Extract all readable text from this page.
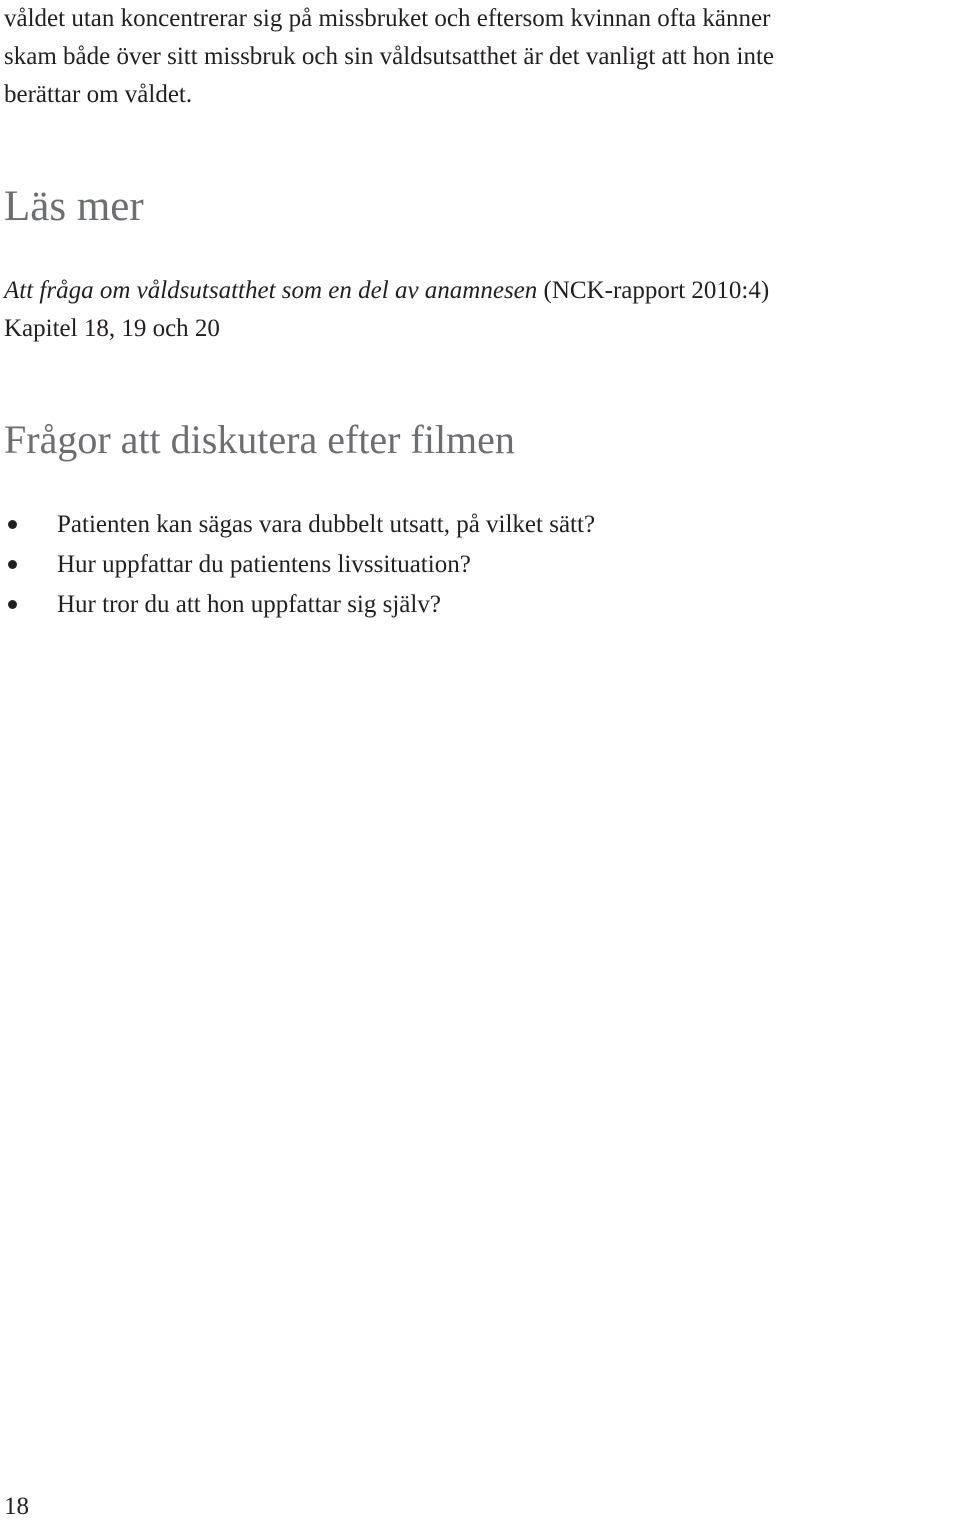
våldet utan koncentrerar sig på missbruket och eftersom kvinnan ofta känner
skam både över sitt missbruk och sin våldsutsatthet är det vanligt att hon inte
berättar om våldet.

Läs mer

Att fråga om våldsutsatthet som en del av anamnesen (NCK-rapport 2010:4)
Kapitel 18, 19 och 20

Frågor att diskutera efter filmen
Patienten kan sägas vara dubbelt utsatt, på vilket sätt?
Hur uppfattar du patientens livssituation?
Hur tror du att hon uppfattar sig själv?

18
